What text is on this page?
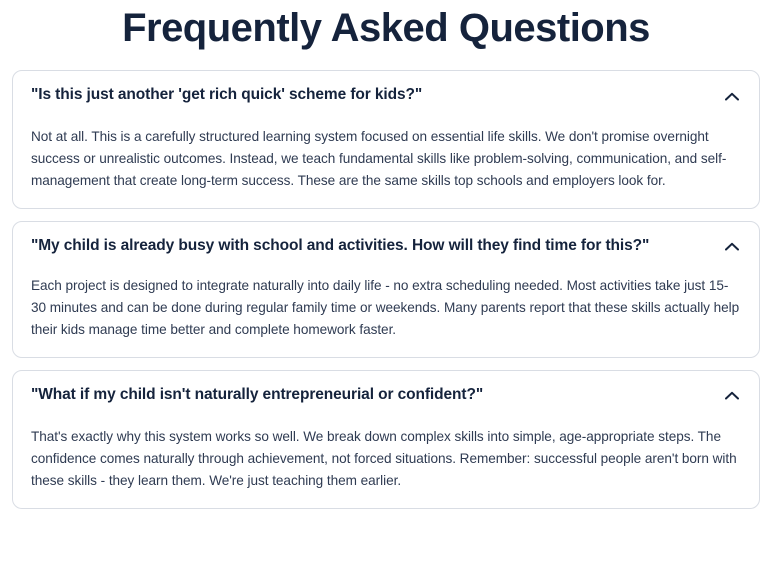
Frequently Asked Questions
"Is this just another 'get rich quick' scheme for kids?"
Not at all. This is a carefully structured learning system focused on essential life skills. We don't promise overnight success or unrealistic outcomes. Instead, we teach fundamental skills like problem-solving, communication, and self-management that create long-term success. These are the same skills top schools and employers look for.
"My child is already busy with school and activities. How will they find time for this?"
Each project is designed to integrate naturally into daily life - no extra scheduling needed. Most activities take just 15-30 minutes and can be done during regular family time or weekends. Many parents report that these skills actually help their kids manage time better and complete homework faster.
"What if my child isn't naturally entrepreneurial or confident?"
That's exactly why this system works so well. We break down complex skills into simple, age-appropriate steps. The confidence comes naturally through achievement, not forced situations. Remember: successful people aren't born with these skills - they learn them. We're just teaching them earlier.
